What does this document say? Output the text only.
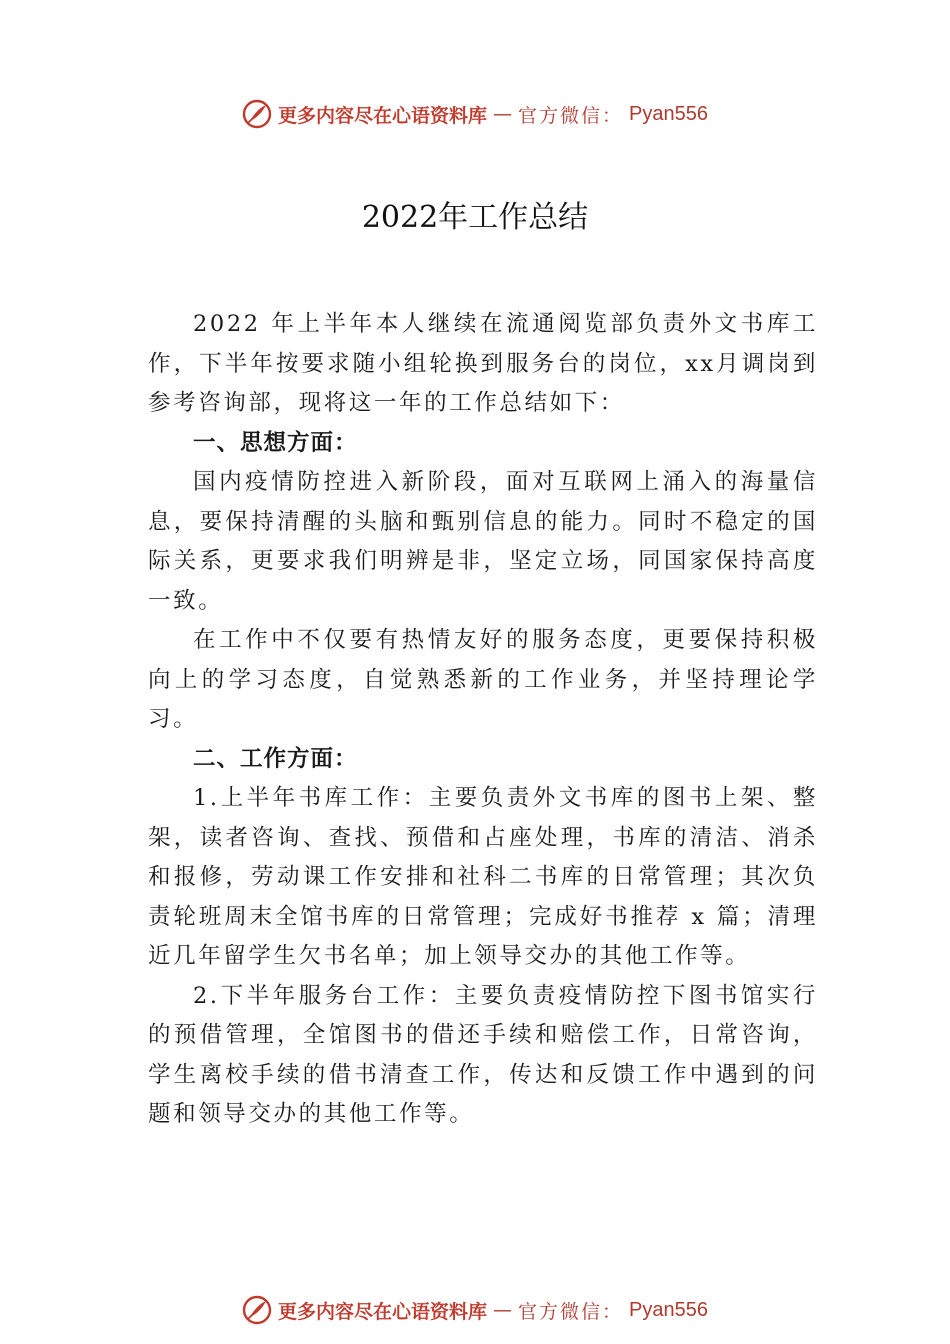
更多内容尽在心语资料库 — 官方微信： Pyan556
2022年工作总结

2022 年上半年本人继续在流通阅览部负责外文书库工作，下半年按要求随小组轮换到服务台的岗位，xx月调岗到参考咨询部，现将这一年的工作总结如下：

一、思想方面：

国内疫情防控进入新阶段，面对互联网上涌入的海量信息，要保持清醒的头脑和甄别信息的能力。同时不稳定的国际关系，更要求我们明辨是非，坚定立场，同国家保持高度一致。

在工作中不仅要有热情友好的服务态度，更要保持积极向上的学习态度，自觉熟悉新的工作业务，并坚持理论学习。

二、工作方面：

1.上半年书库工作：主要负责外文书库的图书上架、整架，读者咨询、查找、预借和占座处理，书库的清洁、消杀和报修，劳动课工作安排和社科二书库的日常管理；其次负责轮班周末全馆书库的日常管理；完成好书推荐 x 篇；清理近几年留学生欠书名单；加上领导交办的其他工作等。

2.下半年服务台工作：主要负责疫情防控下图书馆实行的预借管理，全馆图书的借还手续和赔偿工作，日常咨询， 学生离校手续的借书清查工作，传达和反馈工作中遇到的问题和领导交办的其他工作等。

更多内容尽在心语资料库 — 官方微信： Pyan556
